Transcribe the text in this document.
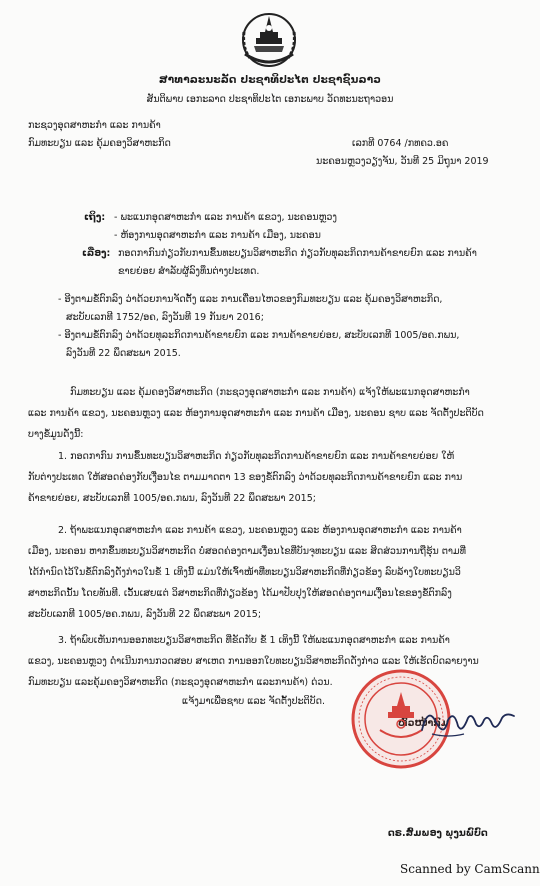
ສາທາລະນະລັດ ປະຊາທິປະໄຕ ປະຊາຊົນລາວ
ສັນຕິພາບ ເອກະລາດ ປະຊາທິປະໄຕ ເອກະພາບ ວັດທະນະຖາວອນ
ກະຊວງອຸດສາຫະກຳ ແລະ ການຄ້າ
ກົມທະບຽນ ແລະ ຄຸ້ມຄອງວິສາຫະກິດ	ເລກທີ 0764 /ກທຄວ.ອຄ
ນະຄອນຫຼວງວຽງຈັນ, ວັນທີ 25 ມິຖຸນາ 2019
ເຖິງ: - ພະແນກອຸດສາຫະກຳ ແລະ ການຄ້າ ແຂວງ, ນະຄອນຫຼວງ
- ຫ້ອງການອຸດສາຫະກຳ ແລະ ການຄ້າ ເມືອງ, ນະຄອນ
ເລື່ອງ: ກອດກາກົນກ່ຽວກັບການຂຶ້ນທະບຽນວິສາຫະກິດ ກ່ຽວກັບທຸລະກິດການຄ້າຂາຍຍົກ ແລະ ການຄ້າ
ຂາຍຍ່ອຍ ສຳລັບຜູ້ລົງທຶນຕ່າງປະເທດ.
- ອີງຕາມຂໍ້ຕົກລົງ ວ່າດ້ວຍການຈັດຕັ້ງ ແລະ ການເຄື່ອນໄຫວຂອງກົມທະບຽນ ແລະ ຄຸ້ມຄອງວິສາຫະກິດ,
ສະບັບເລກທີ 1752/ອຄ, ລົງວັນທີ 19 ກັນຍາ 2016;
- ອີງຕາມຂໍ້ຕົກລົງ ວ່າດ້ວຍທຸລະກິດການຄ້າຂາຍຍົກ ແລະ ການຄ້າຂາຍຍ່ອຍ, ສະບັບເລກທີ 1005/ອຄ.ກພນ,
ລົງວັນທີ 22 ພຶດສະພາ 2015.
ກົມທະບຽນ ແລະ ຄຸ້ມຄອງວິສາຫະກິດ (ກະຊວງອຸດສາຫະກຳ ແລະ ການຄ້າ) ແຈ້ງໃຫ້ພະແນກອຸດສາຫະກຳ
ແລະ ການຄ້າ ແຂວງ, ນະຄອນຫຼວງ ແລະ ຫ້ອງການອຸດສາຫະກຳ ແລະ ການຄ້າ ເມືອງ, ນະຄອນ ຊາບ ແລະ ຈັດຕັ້ງປະຕິບັດ
ບາງຂໍ້ມູນດັ່ງນີ້:
1. ກອດກາກົນ ການຂຶ້ນທະບຽນວິສາຫະກິດ ກ່ຽວກັບທຸລະກິດການຄ້າຂາຍຍົກ ແລະ ການຄ້າຂາຍຍ່ອຍ ໃຫ້
ກັບຕ່າງປະເທດ ໃຫ້ສອດຄ່ອງກັບເງື່ອນໄຂ ຕາມມາດຕາ 13 ຂອງຂໍ້ຕົກລົງ ວ່າດ້ວຍທຸລະກິດການຄ້າຂາຍຍົກ ແລະ ການ
ຄ້າຂາຍຍ່ອຍ, ສະບັບເລກທີ 1005/ອຄ.ກພນ, ລົງວັນທີ 22 ພຶດສະພາ 2015;
2. ຖ້າພະແນກອຸດສາຫະກຳ ແລະ ການຄ້າ ແຂວງ, ນະຄອນຫຼວງ ແລະ ຫ້ອງການອຸດສາຫະກຳ ແລະ ການຄ້າ
ເມືອງ, ນະຄອນ ຫາກຂຶ້ນທະບຽນວິສາຫະກິດ ບໍ່ສອດຄ່ອງຕາມເງື່ອນໄຂທີ່ບັນຈຸທະບຽນ ແລະ ສິດສ່ວນການຖືຮຸ້ນ ຕາມທີ່
ໄດ້ກຳນົດໄວ້ໃນຂໍ້ຕົກລົງດັ່ງກ່າວໃນຂໍ້ 1 ເທິງນີ້ ແມ່ນໃຫ້ເຈົ້າໜ້າທີ່ທະບຽນວິສາຫະກິດທີ່ກ່ຽວຂ້ອງ ລົບລ້າງໃບທະບຽນວິ
ສາຫະກິດນັ້ນ ໂດຍທັນທີ. ເວັ້ນເສຍແຕ່ ວິສາຫະກິດທີ່ກ່ຽວຂ້ອງ ໄດ້ມາປັບປຸງໃຫ້ສອດຄ່ອງຕາມເງື່ອນໄຂຂອງຂໍ້ຕົກລົງ
ສະບັບເລກທີ 1005/ອຄ.ກພນ, ລົງວັນທີ 22 ພຶດສະພາ 2015;
3. ຖ້າພົບເຫັນການອອກທະບຽນວິສາຫະກິດ ທີ່ຂັດກັບ ຂໍ້ 1 ເທິງນີ້ ໃຫ້ພະແນກອຸດສາຫະກຳ ແລະ ການຄ້າ
ແຂວງ, ນະຄອນຫຼວງ ດຳເນີນການກວດສອບ ສາເຫດ ການອອກໃບທະບຽນວິສາຫະກິດດັ່ງກ່າວ ແລະ ໃຫ້ເຮັດບົດລາຍງານ
ກົມທະບຽນ ແລະຄຸ້ມຄອງວິສາຫະກິດ (ກະຊວງອຸດສາຫະກຳ ແລະການຄ້າ) ດ່ວນ.
ແຈ້ງມາເພື່ອຊາບ ແລະ ຈັດຕັ້ງປະຕິບັດ.
ດຣ.ສົມພອງ ພຸງນພົບົດ
Scanned by CamScann
